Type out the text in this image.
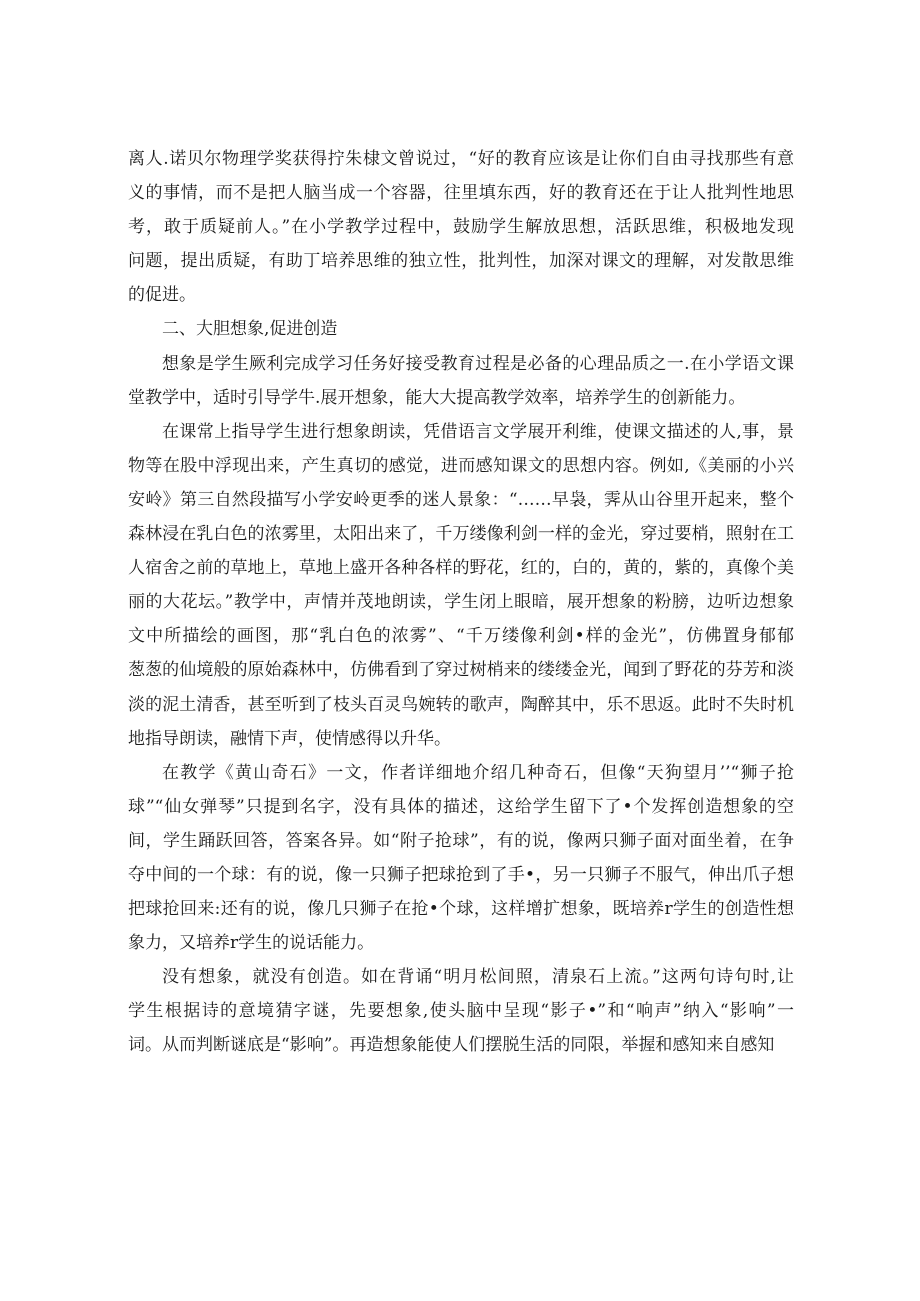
离人.诺贝尔物理学奖获得拧朱棣文曾说过，“好的教育应该是让你们自由寻找那些有意
义的事情，而不是把人脑当成一个容器，往里填东西，好的教育还在于让人批判性地思
考，敢于质疑前人。”在小学教学过程中，鼓励学生解放思想，活跃思维，积极地发现
问题，提出质疑，有助丁培养思维的独立性，批判性，加深对课文的理解，对发散思维
的促进。
二、大胆想象,促进创造
想象是学生厥利完成学习任务好接受教育过程是必备的心理品质之一.在小学语文课
堂教学中，适时引导学牛.展开想象，能大大提高教学效率，培养学生的创新能力。
在课常上指导学生进行想象朗读，凭借语言文学展开利维，使课文描述的人,事，景
物等在股中浮现出来，产生真切的感觉，进而感知课文的思想内容。例如,《美丽的小兴
安岭》第三自然段描写小学安岭更季的迷人景象：“……早袅，霁从山谷里开起来，整个
森林浸在乳白色的浓雾里，太阳出来了，千万缕像利剑一样的金光，穿过要梢，照射在工
人宿舍之前的草地上，草地上盛开各种各样的野花，红的，白的，黄的，紫的，真像个美
丽的大花坛。”教学中，声情并茂地朗读，学生闭上眼暗，展开想象的粉膀，边听边想象
文中所描绘的画图，那“乳白色的浓雾”、“千万缕像利剑•样的金光”，仿佛置身郁郁
葱葱的仙境般的原始森林中，仿佛看到了穿过树梢来的缕缕金光，闻到了野花的芬芳和淡
淡的泥土清香，甚至听到了枝头百灵鸟婉转的歌声，陶醉其中，乐不思返。此时不失时机
地指导朗读，融情下声，使情感得以升华。
在教学《黄山奇石》一文，作者详细地介绍几种奇石，但像“天狗望月’’“狮子抢
球”“仙女弹琴”只提到名字，没有具体的描述，这给学生留下了•个发挥创造想象的空
间，学生踊跃回答，答案各异。如“附子抢球”，有的说，像两只狮子面对面坐着，在争
夺中间的一个球：有的说，像一只狮子把球抢到了手•，另一只狮子不服气，伸出爪子想
把球抢回来:还有的说，像几只狮子在抢•个球，这样增扩想象，既培养r学生的创造性想
象力，又培养r学生的说话能力。
没有想象，就没有创造。如在背诵“明月松间照，清泉石上流。”这两句诗句时,让
学生根据诗的意境猜字谜，先要想象,使头脑中呈现“影子•”和“响声”纳入“影响”一
词。从而判断谜底是“影响”。再造想象能使人们摆脱生活的同限，举握和感知来自感知
